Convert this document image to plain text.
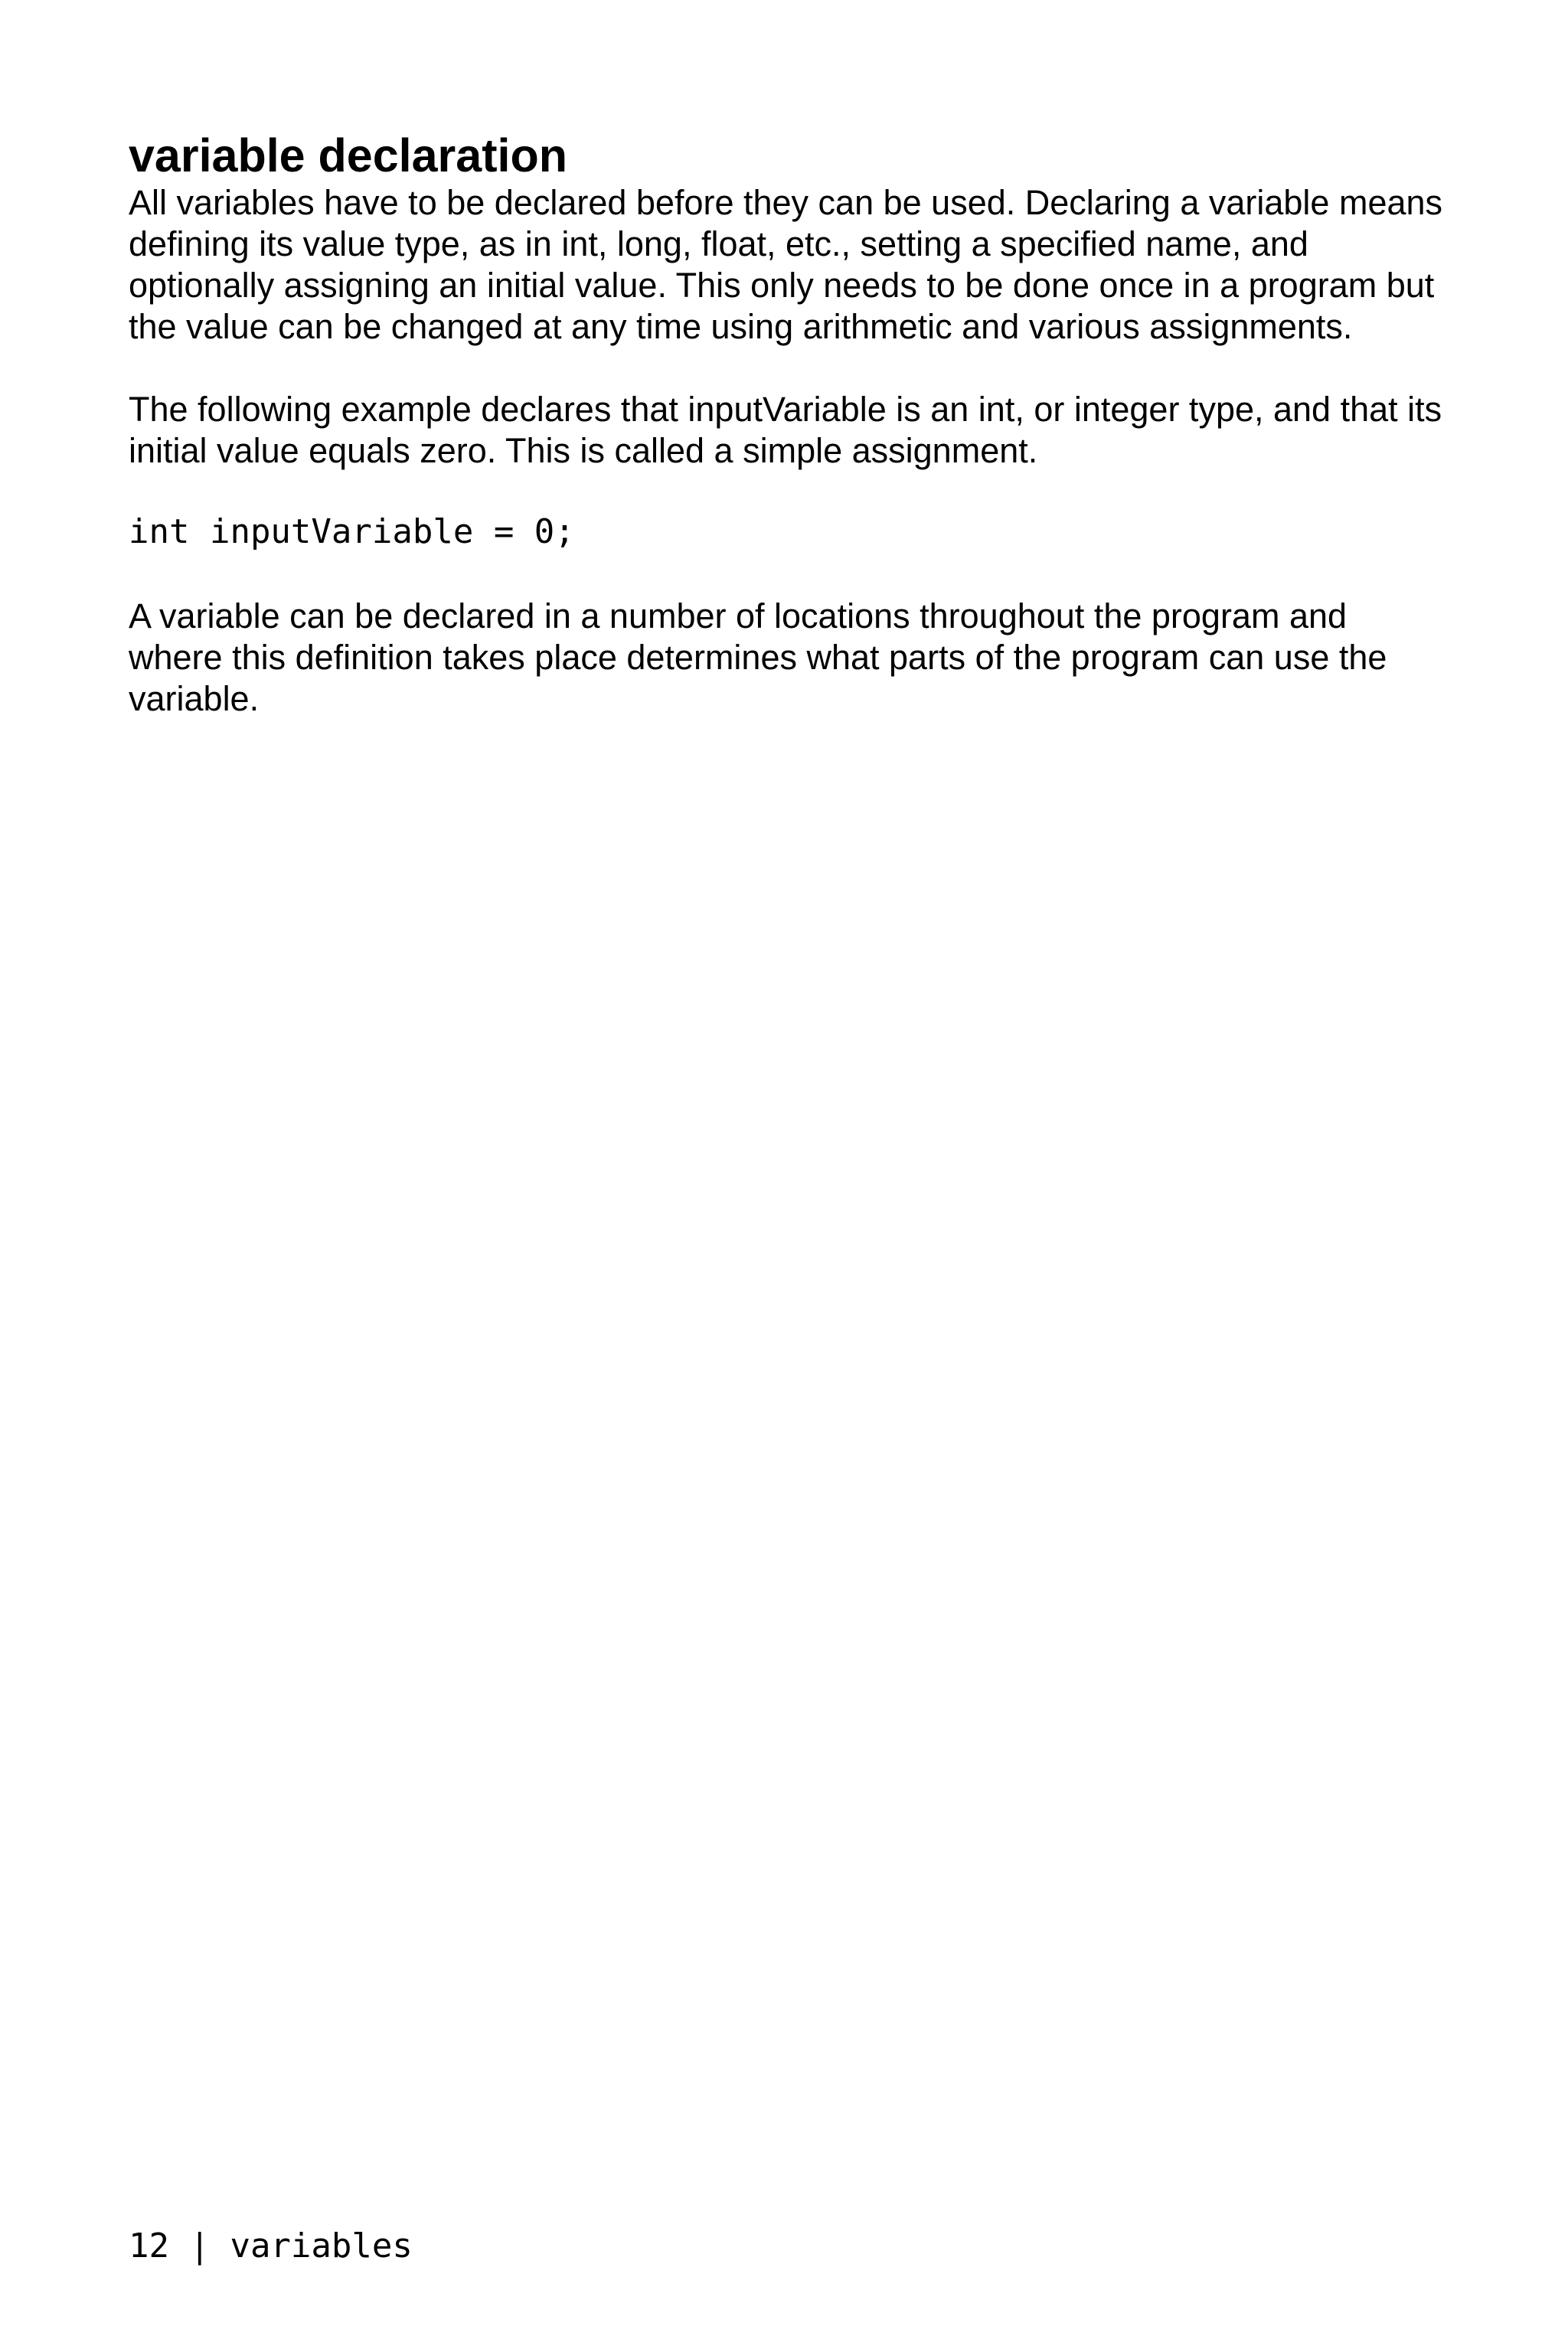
variable declaration

All variables have to be declared before they can be used. Declaring a variable means defining its value type, as in int, long, float, etc., setting a specified name, and optionally assigning an initial value. This only needs to be done once in a program but the value can be changed at any time using arithmetic and various assignments.

The following example declares that inputVariable is an int, or integer type, and that its initial value equals zero. This is called a simple assignment.

int inputVariable = 0;

A variable can be declared in a number of locations throughout the program and where this definition takes place determines what parts of the program can use the variable.

12 | variables
